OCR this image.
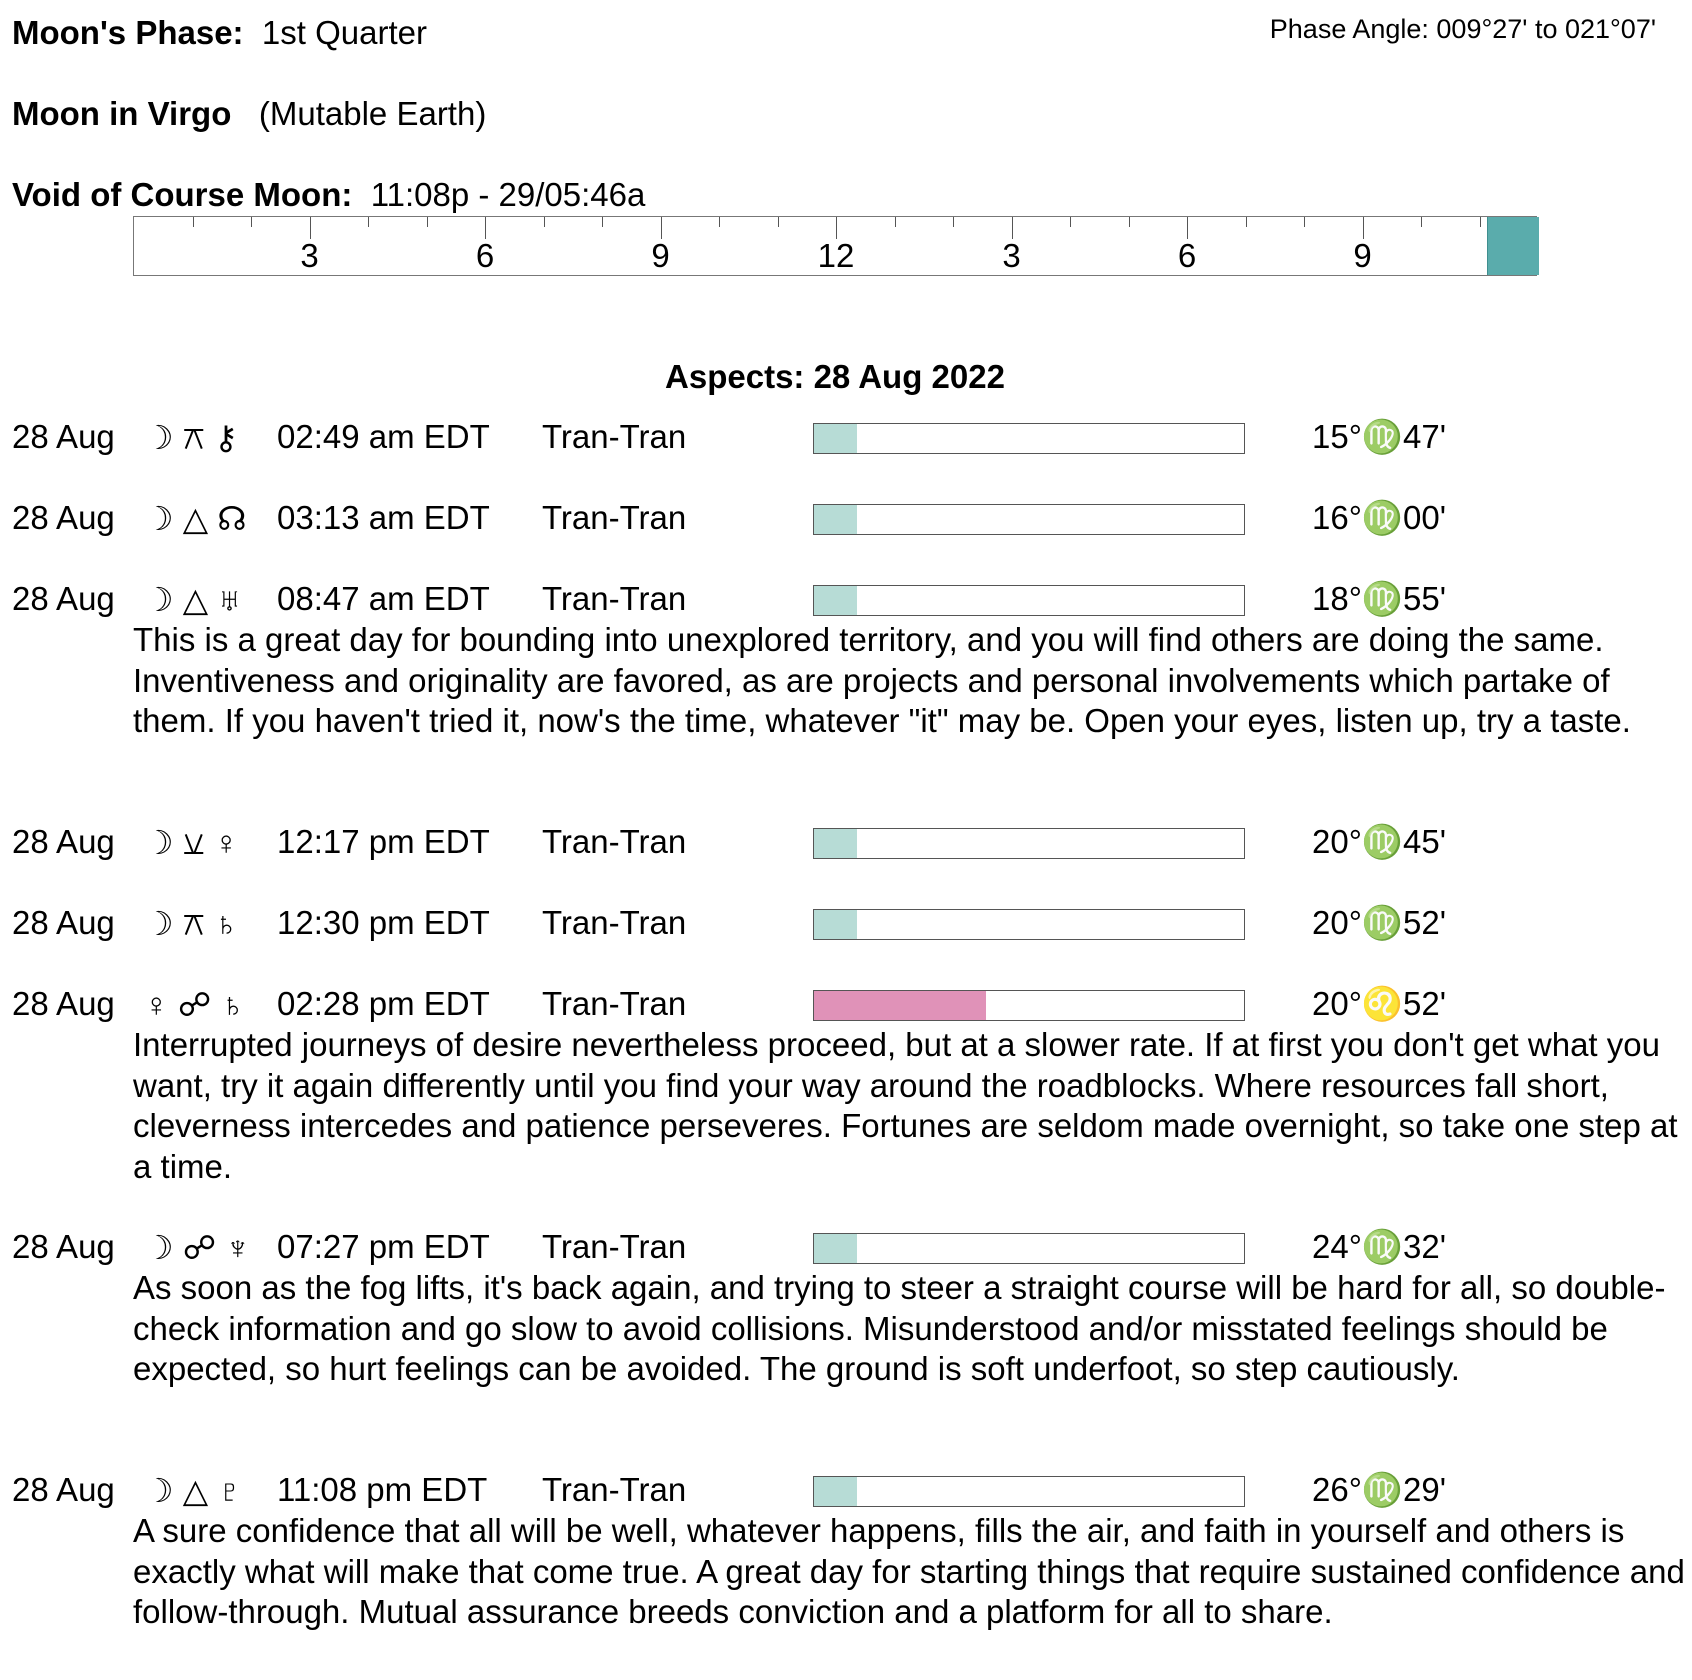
Moon's Phase: 1st Quarter	Phase Angle: 009°27' to 021°07'
Moon in Virgo (Mutable Earth)
Void of Course Moon: 11:08p - 29/05:46a
3	6	9	12	3	6	9
Aspects: 28 Aug 2022
28 Aug ☽ ⚻ ⚷ 02:49 am EDT Tran-Tran	15°♍47'
28 Aug ☽ △ ☊ 03:13 am EDT Tran-Tran	16°♍00'
28 Aug ☽ △ ♅ 08:47 am EDT Tran-Tran	18°♍55'
This is a great day for bounding into unexplored territory, and you will find others are doing the same. Inventiveness and originality are favored, as are projects and personal involvements which partake of them. If you haven't tried it, now's the time, whatever "it" may be. Open your eyes, listen up, try a taste.
28 Aug ☽ ⚺ ♀ 12:17 pm EDT Tran-Tran	20°♍45'
28 Aug ☽ ⚻ ♄ 12:30 pm EDT Tran-Tran	20°♍52'
28 Aug ♀ ☍ ♄ 02:28 pm EDT Tran-Tran	20°♌52'
Interrupted journeys of desire nevertheless proceed, but at a slower rate. If at first you don't get what you want, try it again differently until you find your way around the roadblocks. Where resources fall short, cleverness intercedes and patience perseveres. Fortunes are seldom made overnight, so take one step at a time.
28 Aug ☽ ☍ ♆ 07:27 pm EDT Tran-Tran	24°♍32'
As soon as the fog lifts, it's back again, and trying to steer a straight course will be hard for all, so double-check information and go slow to avoid collisions. Misunderstood and/or misstated feelings should be expected, so hurt feelings can be avoided. The ground is soft underfoot, so step cautiously.
28 Aug ☽ △ ♇ 11:08 pm EDT Tran-Tran	26°♍29'
A sure confidence that all will be well, whatever happens, fills the air, and faith in yourself and others is exactly what will make that come true. A great day for starting things that require sustained confidence and follow-through. Mutual assurance breeds conviction and a platform for all to share.
